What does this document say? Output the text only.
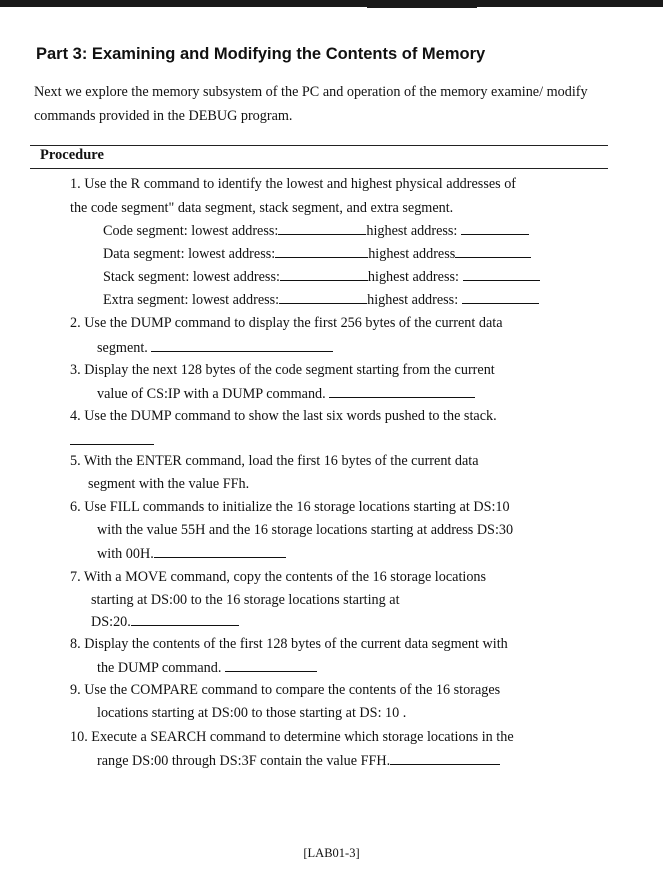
Part 3: Examining and Modifying the Contents of Memory
Next we explore the memory subsystem of the PC and operation of the memory examine/ modify commands provided in the DEBUG program.
Procedure
1. Use the R command to identify the lowest and highest physical addresses of
the code segment" data segment, stack segment, and extra segment.
Code segment: lowest address:	highest address:
Data segment: lowest address:	highest address
Stack segment: lowest address:	highest address:
Extra segment: lowest address:	highest address:
2. Use the DUMP command to display the first 256 bytes of the current data
segment.
3. Display the next 128 bytes of the code segment starting from the current
value of CS:IP with a DUMP command.
4. Use the DUMP command to show the last six words pushed to the stack.
5. With the ENTER command, load the first 16 bytes of the current data
segment with the value FFh.
6. Use FILL commands to initialize the 16 storage locations starting at DS:10
with the value 55H and the 16 storage locations starting at address DS:30
with 00H.
7. With a MOVE command, copy the contents of the 16 storage locations
starting at DS:00 to the 16 storage locations starting at
DS:20.
8. Display the contents of the first 128 bytes of the current data segment with
the DUMP command.
9. Use the COMPARE command to compare the contents of the 16 storages
locations starting at DS:00 to those starting at DS: 10 .
10. Execute a SEARCH command to determine which storage locations in the
range DS:00 through DS:3F contain the value FFH.
[LAB01-3]
